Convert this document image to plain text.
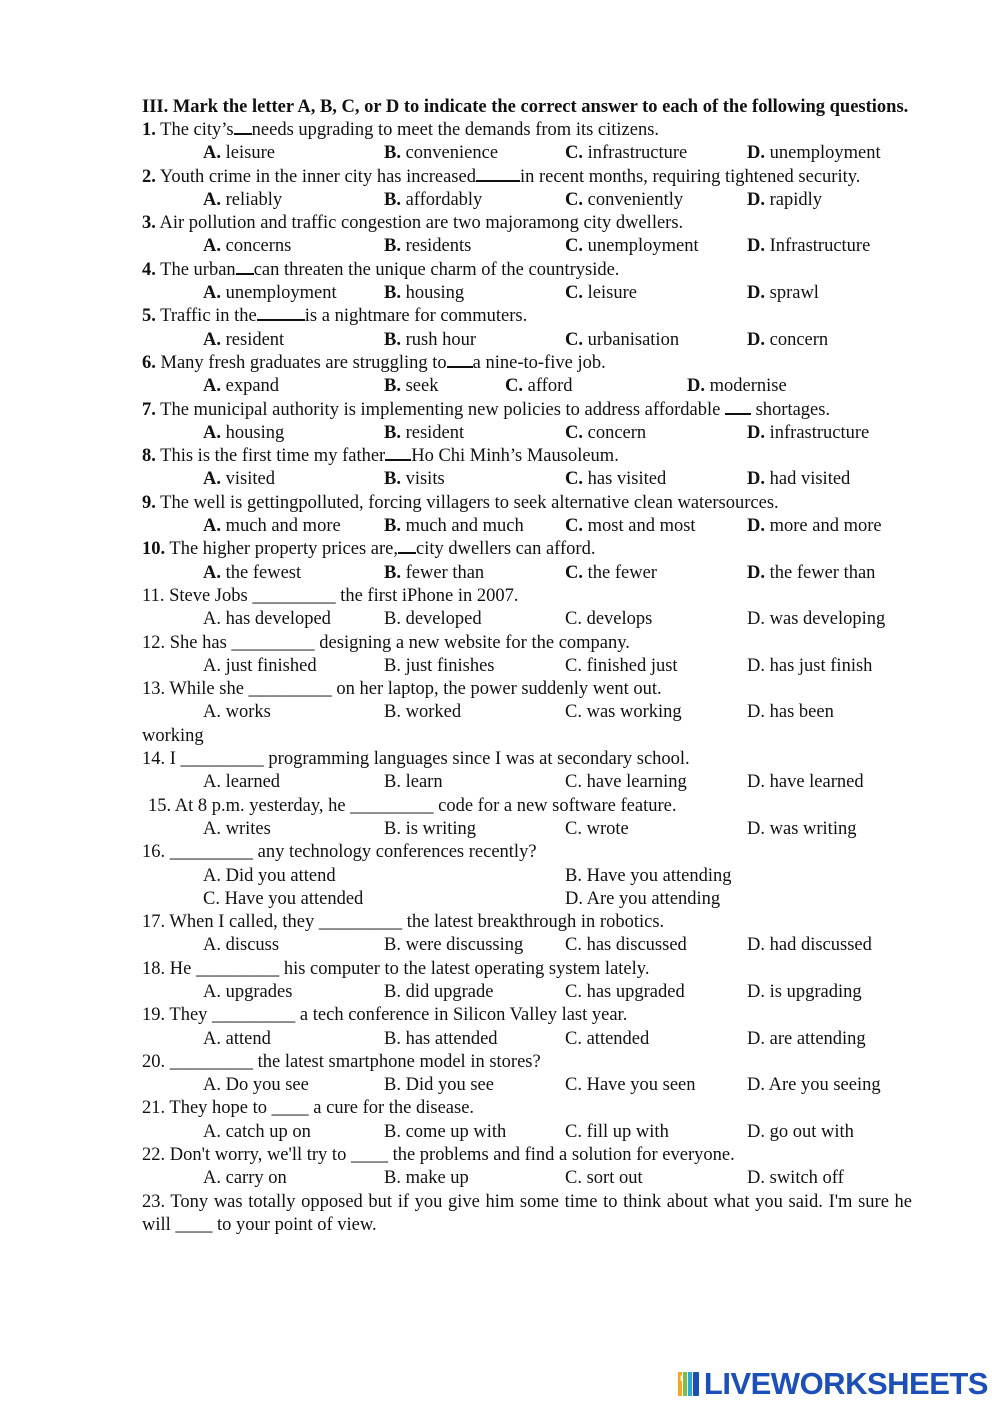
III. Mark the letter A, B, C, or D to indicate the correct answer to each of the following questions.
1. The city’s needs upgrading to meet the demands from its citizens.
A. leisure	B. convenience	C. infrastructure	D. unemployment
2. Youth crime in the inner city has increased in recent months, requiring tightened security.
A. reliably	B. affordably	C. conveniently	D. rapidly
3. Air pollution and traffic congestion are two majoramong city dwellers.
A. concerns	B. residents	C. unemployment	D. Infrastructure
4. The urban can threaten the unique charm of the countryside.
A. unemployment	B. housing	C. leisure	D. sprawl
5. Traffic in the	is a nightmare for commuters.
A. resident	B. rush hour	C. urbanisation	D. concern
6. Many fresh graduates are struggling to a nine-to-five job.
A. expand	B. seek	C. afford	D. modernise
7. The municipal authority is implementing new policies to address affordable  shortages.
A. housing	B. resident	C. concern	D. infrastructure
8. This is the first time my father Ho Chi Minh’s Mausoleum.
A. visited	B. visits	C. has visited	D. had visited
9. The well is gettingpolluted, forcing villagers to seek alternative clean watersources.
A. much and more B. much and much C. most and most	D. more and more
10. The higher property prices are, city dwellers can afford.
A. the fewest	B. fewer than	C. the fewer	D. the fewer than
11. Steve Jobs _________ the first iPhone in 2007.
A. has developed	B. developed	C. develops	D. was developing
12. She has _________ designing a new website for the company.
A. just finished	B. just finishes	C. finished just	D. has just finish
13. While she _________ on her laptop, the power suddenly went out.
A. works	B. worked	C. was working	D. has been
working
14. I _________ programming languages since I was at secondary school.
A. learned	B. learn	C. have learning	D. have learned
15. At 8 p.m. yesterday, he _________ code for a new software feature.
A. writes	B. is writing	C. wrote	D. was writing
16. _________ any technology conferences recently?
A. Did you attend	B. Have you attending
C. Have you attended	D. Are you attending
17. When I called, they _________ the latest breakthrough in robotics.
A. discuss	B. were discussing C. has discussed	D. had discussed
18. He _________ his computer to the latest operating system lately.
A. upgrades	B. did upgrade	C. has upgraded	D. is upgrading
19. They _________ a tech conference in Silicon Valley last year.
A. attend	B. has attended	C. attended	D. are attending
20. _________ the latest smartphone model in stores?
A. Do you see	B. Did you see	C. Have you seen	D. Are you seeing
21. They hope to ____ a cure for the disease.
A. catch up on	B. come up with	C. fill up with	D. go out with
22. Don't worry, we'll try to ____ the problems and find a solution for everyone.
A. carry on	B. make up	C. sort out	D. switch off
23. Tony was totally opposed but if you give him some time to think about what you said. I'm sure he will ____ to your point of view.
l LIVEWORKSHEETS
